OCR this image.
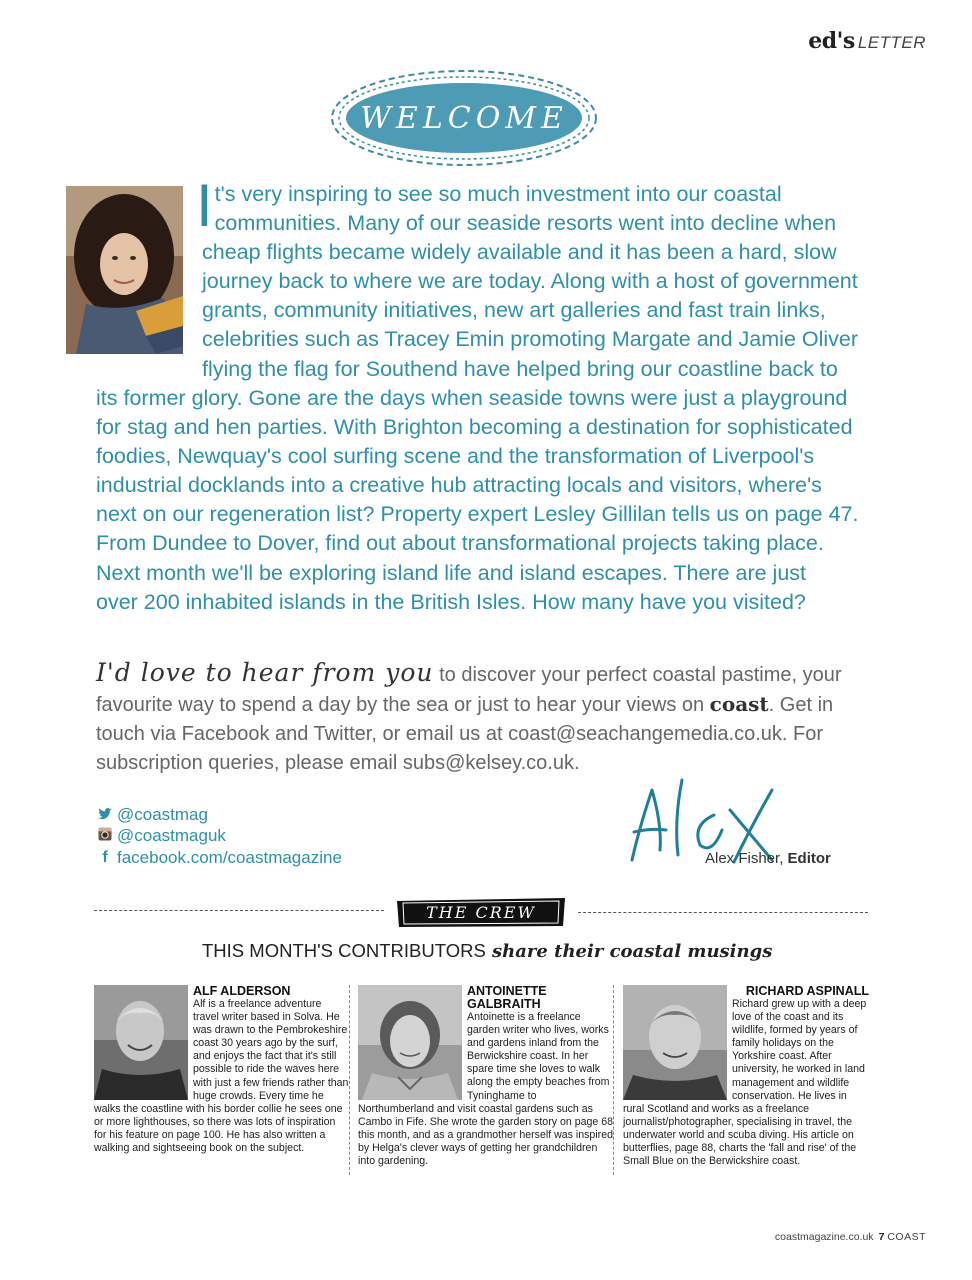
ed's LETTER
WELCOME
It's very inspiring to see so much investment into our coastal
communities. Many of our seaside resorts went into decline when
cheap flights became widely available and it has been a hard, slow
journey back to where we are today. Along with a host of government
grants, community initiatives, new art galleries and fast train links,
celebrities such as Tracey Emin promoting Margate and Jamie Oliver
flying the flag for Southend have helped bring our coastline back to
its former glory. Gone are the days when seaside towns were just a playground
for stag and hen parties. With Brighton becoming a destination for sophisticated
foodies, Newquay's cool surfing scene and the transformation of Liverpool's
industrial docklands into a creative hub attracting locals and visitors, where's
next on our regeneration list? Property expert Lesley Gillilan tells us on page 47.
From Dundee to Dover, find out about transformational projects taking place.
Next month we'll be exploring island life and island escapes. There are just
over 200 inhabited islands in the British Isles. How many have you visited?
I'd love to hear from you to discover your perfect coastal pastime, your favourite way to spend a day by the sea or just to hear your views on coast. Get in touch via Facebook and Twitter, or email us at coast@seachangemedia.co.uk. For subscription queries, please email subs@kelsey.co.uk.
@coastmag
@coastmaguk
f facebook.com/coastmagazine	Alex Fisher, Editor
THE CREW
THIS MONTH'S CONTRIBUTORS share their coastal musings
ALF ALDERSON
Alf is a freelance adventure travel writer based in Solva. He was drawn to the Pembrokeshire coast 30 years ago by the surf, and enjoys the fact that it's still possible to ride the waves here with just a few friends rather than huge crowds. Every time he walks the coastline with his border collie he sees one or more lighthouses, so there was lots of inspiration for his feature on page 100. He has also written a walking and sightseeing book on the subject.
ANTOINETTE GALBRAITH
Antoinette is a freelance garden writer who lives, works and gardens inland from the Berwickshire coast. In her spare time she loves to walk along the empty beaches from Tyninghame to Northumberland and visit coastal gardens such as Cambo in Fife. She wrote the garden story on page 68 this month, and as a grandmother herself was inspired by Helga's clever ways of getting her grandchildren into gardening.
RICHARD ASPINALL
Richard grew up with a deep love of the coast and its wildlife, formed by years of family holidays on the Yorkshire coast. After university, he worked in land management and wildlife conservation. He lives in rural Scotland and works as a freelance journalist/photographer, specialising in travel, the underwater world and scuba diving. His article on butterflies, page 88, charts the 'fall and rise' of the Small Blue on the Berwickshire coast.
coastmagazine.co.uk 7 COAST
